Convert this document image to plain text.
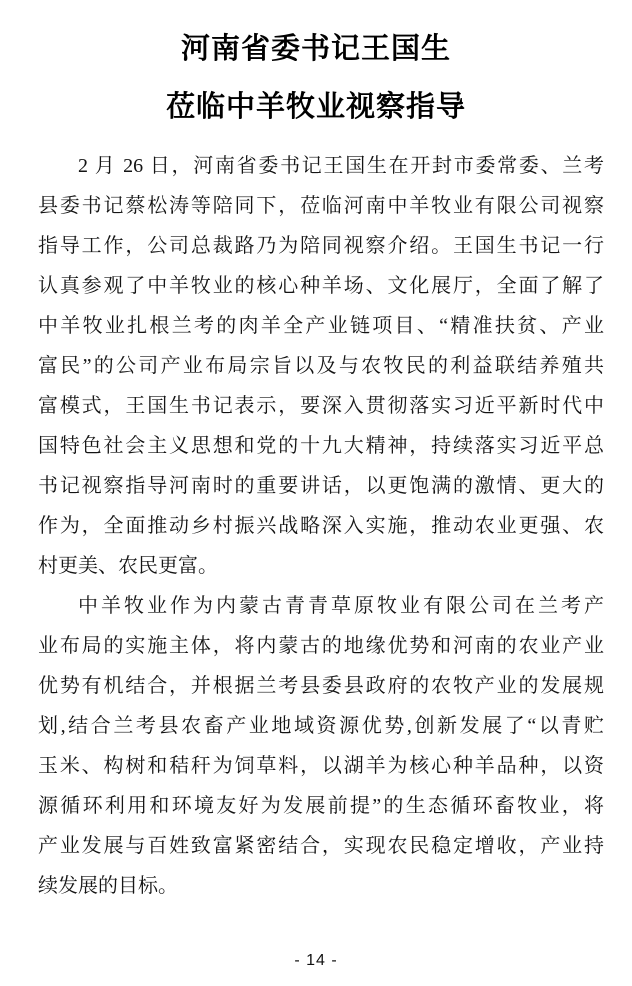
河南省委书记王国生
莅临中羊牧业视察指导
2 月 26 日，河南省委书记王国生在开封市委常委、兰考
县委书记蔡松涛等陪同下，莅临河南中羊牧业有限公司视察
指导工作，公司总裁路乃为陪同视察介绍。王国生书记一行
认真参观了中羊牧业的核心种羊场、文化展厅，全面了解了
中羊牧业扎根兰考的肉羊全产业链项目、“精准扶贫、产业
富民”的公司产业布局宗旨以及与农牧民的利益联结养殖共
富模式，王国生书记表示，要深入贯彻落实习近平新时代中
国特色社会主义思想和党的十九大精神，持续落实习近平总
书记视察指导河南时的重要讲话，以更饱满的激情、更大的
作为，全面推动乡村振兴战略深入实施，推动农业更强、农
村更美、农民更富。
中羊牧业作为内蒙古青青草原牧业有限公司在兰考产
业布局的实施主体，将内蒙古的地缘优势和河南的农业产业
优势有机结合，并根据兰考县委县政府的农牧产业的发展规
划,结合兰考县农畜产业地域资源优势,创新发展了“以青贮
玉米、构树和秸秆为饲草料，以湖羊为核心种羊品种，以资
源循环利用和环境友好为发展前提”的生态循环畜牧业，将
产业发展与百姓致富紧密结合，实现农民稳定增收，产业持
续发展的目标。
- 14 -
